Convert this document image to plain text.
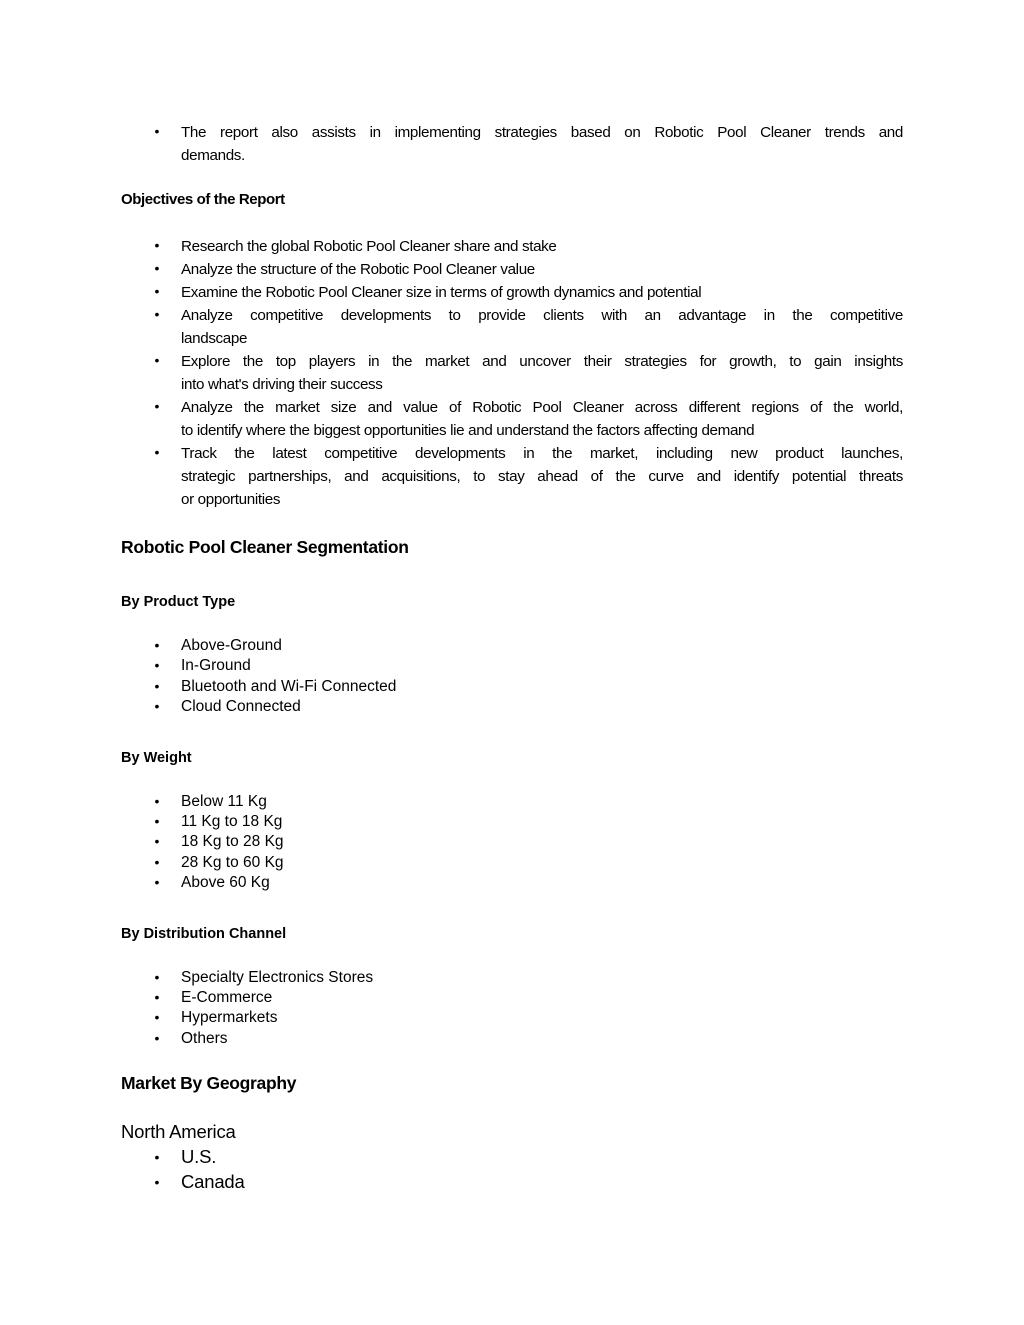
•
The report also assists in implementing strategies based on Robotic Pool Cleaner trends and
demands.
Objectives of the Report
•
Research the global Robotic Pool Cleaner share and stake
•
Analyze the structure of the Robotic Pool Cleaner value
•
Examine the Robotic Pool Cleaner size in terms of growth dynamics and potential
•
Analyze competitive developments to provide clients with an advantage in the competitive
landscape
•
Explore the top players in the market and uncover their strategies for growth, to gain insights
into what's driving their success
•
Analyze the market size and value of Robotic Pool Cleaner across different regions of the world,
to identify where the biggest opportunities lie and understand the factors affecting demand
•
Track the latest competitive developments in the market, including new product launches,
strategic partnerships, and acquisitions, to stay ahead of the curve and identify potential threats
or opportunities
Robotic Pool Cleaner Segmentation
By Product Type
•
Above-Ground
•
In-Ground
•
Bluetooth and Wi-Fi Connected
•
Cloud Connected
By Weight
•
Below 11 Kg
•
11 Kg to 18 Kg
•
18 Kg to 28 Kg
•
28 Kg to 60 Kg
•
Above 60 Kg
By Distribution Channel
•
Specialty Electronics Stores
•
E-Commerce
•
Hypermarkets
•
Others
Market By Geography
North America
•
U.S.
•
Canada
